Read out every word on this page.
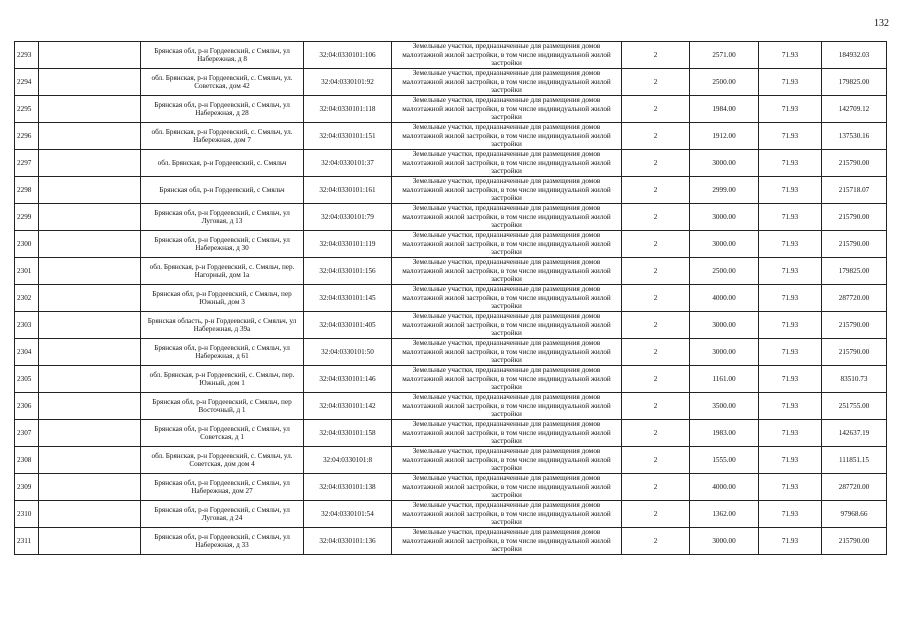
132
2293		Брянская обл, р-н Гордеевский, с Смяльч, ул Набережная, д 8	32:04:0330101:106	Земельные участки, предназначенные для размещения домов малоэтажной жилой застройки, в том числе индивидуальной жилой застройки	2	2571.00	71.93	184932.03
2294		обл. Брянская, р-н Гордеевский, с. Смяльч, ул. Советская, дом 42	32:04:0330101:92	Земельные участки, предназначенные для размещения домов малоэтажной жилой застройки, в том числе индивидуальной жилой застройки	2	2500.00	71.93	179825.00
2295		Брянская обл, р-н Гордеевский, с Смяльч, ул Набережная, д 28	32:04:0330101:118	Земельные участки, предназначенные для размещения домов малоэтажной жилой застройки, в том числе индивидуальной жилой застройки	2	1984.00	71.93	142709.12
2296		обл. Брянская, р-н Гордеевский, с. Смяльч, ул. Набережная, дом 7	32:04:0330101:151	Земельные участки, предназначенные для размещения домов малоэтажной жилой застройки, в том числе индивидуальной жилой застройки	2	1912.00	71.93	137530.16
2297		обл. Брянская, р-н Гордеевский, с. Смяльч	32:04:0330101:37	Земельные участки, предназначенные для размещения домов малоэтажной жилой застройки, в том числе индивидуальной жилой застройки	2	3000.00	71.93	215790.00
2298		Брянская обл, р-н Гордеевский, с Смяльч	32:04:0330101:161	Земельные участки, предназначенные для размещения домов малоэтажной жилой застройки, в том числе индивидуальной жилой застройки	2	2999.00	71.93	215718.07
2299		Брянская обл, р-н Гордеевский, с Смяльч, ул Луговая, д 13	32:04:0330101:79	Земельные участки, предназначенные для размещения домов малоэтажной жилой застройки, в том числе индивидуальной жилой застройки	2	3000.00	71.93	215790.00
2300		Брянская обл, р-н Гордеевский, с Смяльч, ул Набережная, д 30	32:04:0330101:119	Земельные участки, предназначенные для размещения домов малоэтажной жилой застройки, в том числе индивидуальной жилой застройки	2	3000.00	71.93	215790.00
2301		обл. Брянская, р-н Гордеевский, с. Смяльч, пер. Нагорный, дом 1а	32:04:0330101:156	Земельные участки, предназначенные для размещения домов малоэтажной жилой застройки, в том числе индивидуальной жилой застройки	2	2500.00	71.93	179825.00
2302		Брянская обл, р-н Гордеевский, с Смяльч, пер Южный, дом 3	32:04:0330101:145	Земельные участки, предназначенные для размещения домов малоэтажной жилой застройки, в том числе индивидуальной жилой застройки	2	4000.00	71.93	287720.00
2303		Брянская область, р-н Гордеевский, с Смяльч, ул Набережная, д 39а	32:04:0330101:405	Земельные участки, предназначенные для размещения домов малоэтажной жилой застройки, в том числе индивидуальной жилой застройки	2	3000.00	71.93	215790.00
2304		Брянская обл, р-н Гордеевский, с Смяльч, ул Набережная, д 61	32:04:0330101:50	Земельные участки, предназначенные для размещения домов малоэтажной жилой застройки, в том числе индивидуальной жилой застройки	2	3000.00	71.93	215790.00
2305		обл. Брянская, р-н Гордеевский, с. Смяльч, пер. Южный, дом 1	32:04:0330101:146	Земельные участки, предназначенные для размещения домов малоэтажной жилой застройки, в том числе индивидуальной жилой застройки	2	1161.00	71.93	83510.73
2306		Брянская обл, р-н Гордеевский, с Смяльч, пер Восточный, д 1	32:04:0330101:142	Земельные участки, предназначенные для размещения домов малоэтажной жилой застройки, в том числе индивидуальной жилой застройки	2	3500.00	71.93	251755.00
2307		Брянская обл, р-н Гордеевский, с Смяльч, ул Советская, д 1	32:04:0330101:158	Земельные участки, предназначенные для размещения домов малоэтажной жилой застройки, в том числе индивидуальной жилой застройки	2	1983.00	71.93	142637.19
2308		обл. Брянская, р-н Гордеевский, с. Смяльч, ул. Советская, дом дом 4	32:04:0330101:8	Земельные участки, предназначенные для размещения домов малоэтажной жилой застройки, в том числе индивидуальной жилой застройки	2	1555.00	71.93	111851.15
2309		Брянская обл, р-н Гордеевский, с Смяльч, ул Набережная, дом 27	32:04:0330101:138	Земельные участки, предназначенные для размещения домов малоэтажной жилой застройки, в том числе индивидуальной жилой застройки	2	4000.00	71.93	287720.00
2310		Брянская обл, р-н Гордеевский, с Смяльч, ул Луговая, д 24	32:04:0330101:54	Земельные участки, предназначенные для размещения домов малоэтажной жилой застройки, в том числе индивидуальной жилой застройки	2	1362.00	71.93	97968.66
2311		Брянская обл, р-н Гордеевский, с Смяльч, ул Набережная, д 33	32:04:0330101:136	Земельные участки, предназначенные для размещения домов малоэтажной жилой застройки, в том числе индивидуальной жилой застройки	2	3000.00	71.93	215790.00
